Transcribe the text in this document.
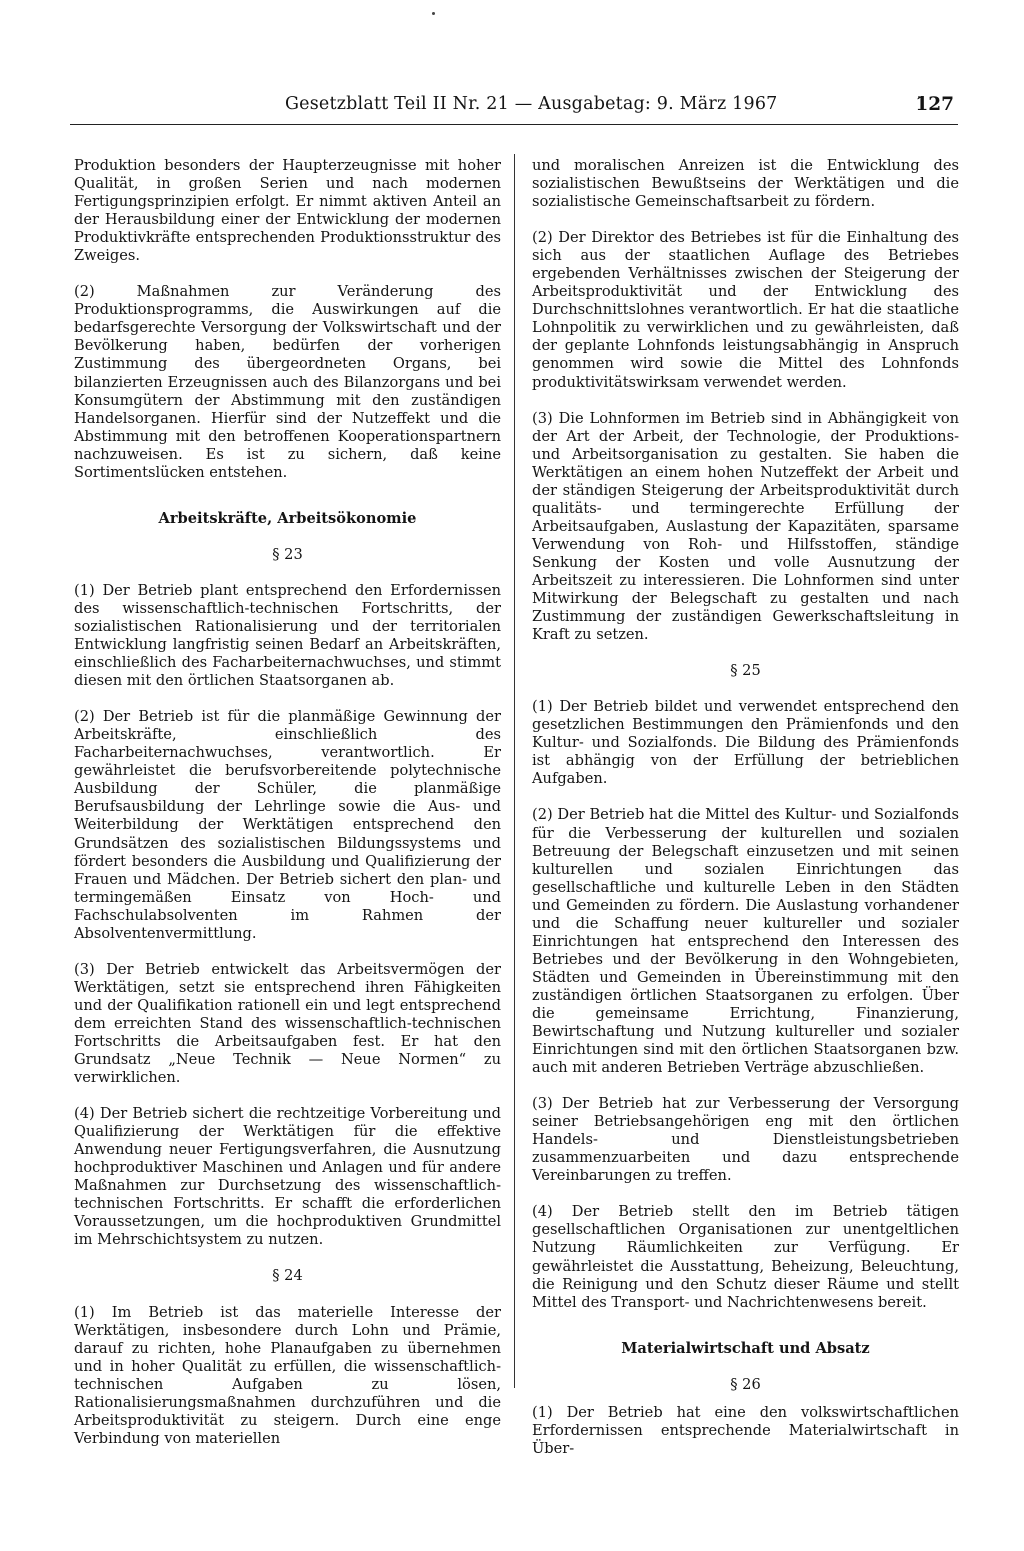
Gesetzblatt Teil II Nr. 21 — Ausgabetag: 9. März 1967	127

Produktion besonders der Haupterzeugnisse mit hoher Qualität, in großen Serien und nach modernen Fertigungsprinzipien erfolgt. Er nimmt aktiven Anteil an der Herausbildung einer der Entwicklung der modernen Produktivkräfte entsprechenden Produktionsstruktur des Zweiges.

(2) Maßnahmen zur Veränderung des Produktionsprogramms, die Auswirkungen auf die bedarfsgerechte Versorgung der Volkswirtschaft und der Bevölkerung haben, bedürfen der vorherigen Zustimmung des übergeordneten Organs, bei bilanzierten Erzeugnissen auch des Bilanzorgans und bei Konsumgütern der Abstimmung mit den zuständigen Handelsorganen. Hierfür sind der Nutzeffekt und die Abstimmung mit den betroffenen Kooperationspartnern nachzuweisen. Es ist zu sichern, daß keine Sortimentslücken entstehen.

Arbeitskräfte, Arbeitsökonomie
§ 23

(1) Der Betrieb plant entsprechend den Erfordernissen des wissenschaftlich-technischen Fortschritts, der sozialistischen Rationalisierung und der territorialen Entwicklung langfristig seinen Bedarf an Arbeitskräften, einschließlich des Facharbeiternachwuchses, und stimmt diesen mit den örtlichen Staatsorganen ab.

(2) Der Betrieb ist für die planmäßige Gewinnung der Arbeitskräfte, einschließlich des Facharbeiternachwuchses, verantwortlich. Er gewährleistet die berufsvorbereitende polytechnische Ausbildung der Schüler, die planmäßige Berufsausbildung der Lehrlinge sowie die Aus- und Weiterbildung der Werktätigen entsprechend den Grundsätzen des sozialistischen Bildungssystems und fördert besonders die Ausbildung und Qualifizierung der Frauen und Mädchen. Der Betrieb sichert den plan- und termingemäßen Einsatz von Hoch- und Fachschulabsolventen im Rahmen der Absolventenvermittlung.

(3) Der Betrieb entwickelt das Arbeitsvermögen der Werktätigen, setzt sie entsprechend ihren Fähigkeiten und der Qualifikation rationell ein und legt entsprechend dem erreichten Stand des wissenschaftlich-technischen Fortschritts die Arbeitsaufgaben fest. Er hat den Grundsatz „Neue Technik — Neue Normen“ zu verwirklichen.

(4) Der Betrieb sichert die rechtzeitige Vorbereitung und Qualifizierung der Werktätigen für die effektive Anwendung neuer Fertigungsverfahren, die Ausnutzung hochproduktiver Maschinen und Anlagen und für andere Maßnahmen zur Durchsetzung des wissenschaftlich-technischen Fortschritts. Er schafft die erforderlichen Voraussetzungen, um die hochproduktiven Grundmittel im Mehrschichtsystem zu nutzen.

§ 24

(1) Im Betrieb ist das materielle Interesse der Werktätigen, insbesondere durch Lohn und Prämie, darauf zu richten, hohe Planaufgaben zu übernehmen und in hoher Qualität zu erfüllen, die wissenschaftlich-technischen Aufgaben zu lösen, Rationalisierungsmaßnahmen durchzuführen und die Arbeitsproduktivität zu steigern. Durch eine enge Verbindung von materiellen

und moralischen Anreizen ist die Entwicklung des sozialistischen Bewußtseins der Werktätigen und die sozialistische Gemeinschaftsarbeit zu fördern.

(2) Der Direktor des Betriebes ist für die Einhaltung des sich aus der staatlichen Auflage des Betriebes ergebenden Verhältnisses zwischen der Steigerung der Arbeitsproduktivität und der Entwicklung des Durchschnittslohnes verantwortlich. Er hat die staatliche Lohnpolitik zu verwirklichen und zu gewährleisten, daß der geplante Lohnfonds leistungsabhängig in Anspruch genommen wird sowie die Mittel des Lohnfonds produktivitätswirksam verwendet werden.

(3) Die Lohnformen im Betrieb sind in Abhängigkeit von der Art der Arbeit, der Technologie, der Produktions- und Arbeitsorganisation zu gestalten. Sie haben die Werktätigen an einem hohen Nutzeffekt der Arbeit und der ständigen Steigerung der Arbeitsproduktivität durch qualitäts- und termingerechte Erfüllung der Arbeitsaufgaben, Auslastung der Kapazitäten, sparsame Verwendung von Roh- und Hilfsstoffen, ständige Senkung der Kosten und volle Ausnutzung der Arbeitszeit zu interessieren. Die Lohnformen sind unter Mitwirkung der Belegschaft zu gestalten und nach Zustimmung der zuständigen Gewerkschaftsleitung in Kraft zu setzen.

§ 25

(1) Der Betrieb bildet und verwendet entsprechend den gesetzlichen Bestimmungen den Prämienfonds und den Kultur- und Sozialfonds. Die Bildung des Prämienfonds ist abhängig von der Erfüllung der betrieblichen Aufgaben.

(2) Der Betrieb hat die Mittel des Kultur- und Sozialfonds für die Verbesserung der kulturellen und sozialen Betreuung der Belegschaft einzusetzen und mit seinen kulturellen und sozialen Einrichtungen das gesellschaftliche und kulturelle Leben in den Städten und Gemeinden zu fördern. Die Auslastung vorhandener und die Schaffung neuer kultureller und sozialer Einrichtungen hat entsprechend den Interessen des Betriebes und der Bevölkerung in den Wohngebieten, Städten und Gemeinden in Übereinstimmung mit den zuständigen örtlichen Staatsorganen zu erfolgen. Über die gemeinsame Errichtung, Finanzierung, Bewirtschaftung und Nutzung kultureller und sozialer Einrichtungen sind mit den örtlichen Staatsorganen bzw. auch mit anderen Betrieben Verträge abzuschließen.

(3) Der Betrieb hat zur Verbesserung der Versorgung seiner Betriebsangehörigen eng mit den örtlichen Handels- und Dienstleistungsbetrieben zusammenzuarbeiten und dazu entsprechende Vereinbarungen zu treffen.

(4) Der Betrieb stellt den im Betrieb tätigen gesellschaftlichen Organisationen zur unentgeltlichen Nutzung Räumlichkeiten zur Verfügung. Er gewährleistet die Ausstattung, Beheizung, Beleuchtung, die Reinigung und den Schutz dieser Räume und stellt Mittel des Transport- und Nachrichtenwesens bereit.

Materialwirtschaft und Absatz
§ 26

(1) Der Betrieb hat eine den volkswirtschaftlichen Erfordernissen entsprechende Materialwirtschaft in Über-
